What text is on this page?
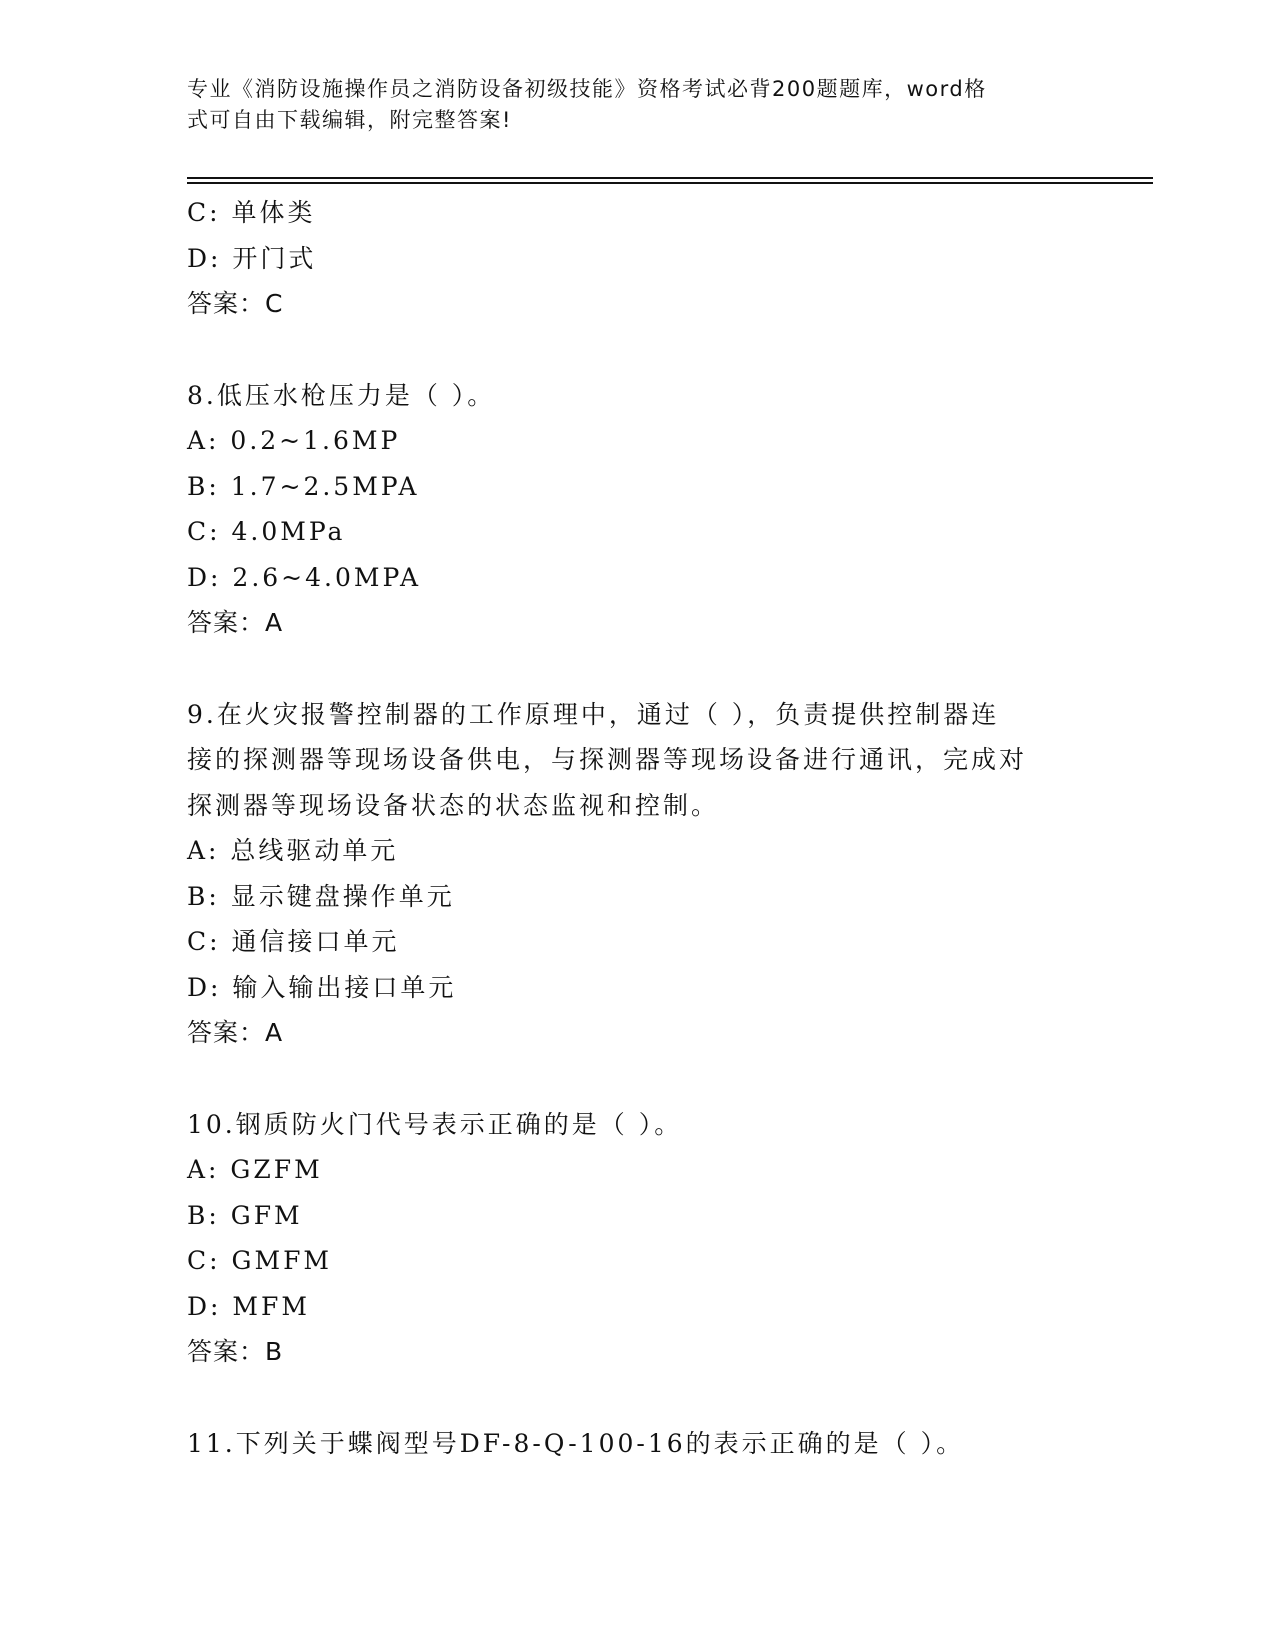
专业《消防设施操作员之消防设备初级技能》资格考试必背200题题库，word格
式可自由下载编辑，附完整答案!
C: 单体类
D: 开门式
答案：C
8.低压水枪压力是（ ）。
A: 0.2~1.6MP
B: 1.7~2.5MPA
C: 4.0MPa
D: 2.6~4.0MPA
答案：A
9.在火灾报警控制器的工作原理中，通过（ ），负责提供控制器连
接的探测器等现场设备供电，与探测器等现场设备进行通讯，完成对
探测器等现场设备状态的状态监视和控制。
A: 总线驱动单元
B: 显示键盘操作单元
C: 通信接口单元
D: 输入输出接口单元
答案：A
10.钢质防火门代号表示正确的是（ ）。
A: GZFM
B: GFM
C: GMFM
D: MFM
答案：B
11.下列关于蝶阀型号DF-8-Q-100-16的表示正确的是（ ）。
